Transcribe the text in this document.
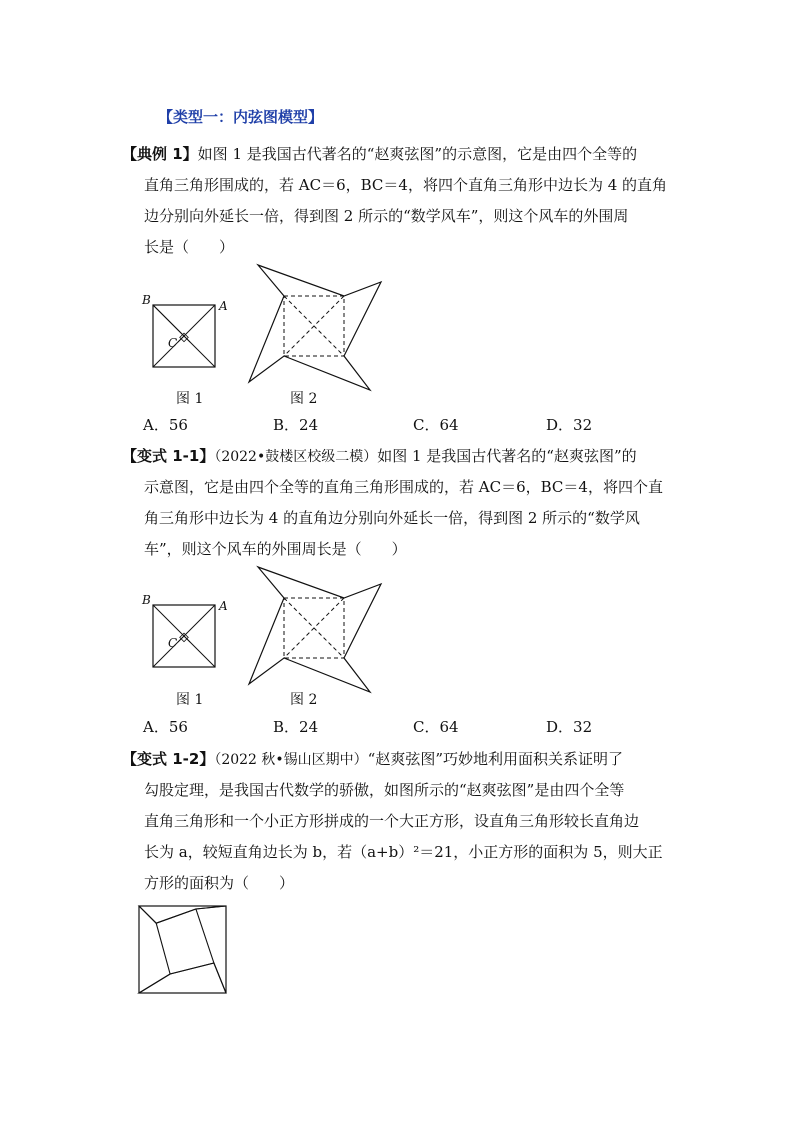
【类型一：内弦图模型】
【典例 1】如图 1 是我国古代著名的“赵爽弦图”的示意图，它是由四个全等的
直角三角形围成的，若 AC＝6，BC＝4，将四个直角三角形中边长为 4 的直角
边分别向外延长一倍，得到图 2 所示的“数学风车”，则这个风车的外围周
长是（　　）
B	A
C
图 1	图 2
A．56	B．24	C．64	D．32
【变式 1-1】（2022•鼓楼区校级二模）如图 1 是我国古代著名的“赵爽弦图”的
示意图，它是由四个全等的直角三角形围成的，若 AC＝6，BC＝4，将四个直
角三角形中边长为 4 的直角边分别向外延长一倍，得到图 2 所示的“数学风
车”，则这个风车的外围周长是（　　）
B	A
C
图 1	图 2
A．56	B．24	C．64	D．32
【变式 1-2】（2022 秋•锡山区期中）“赵爽弦图”巧妙地利用面积关系证明了
勾股定理，是我国古代数学的骄傲，如图所示的“赵爽弦图”是由四个全等
直角三角形和一个小正方形拼成的一个大正方形，设直角三角形较长直角边
长为 a，较短直角边长为 b，若（a+b）²＝21，小正方形的面积为 5，则大正
方形的面积为（　　）
